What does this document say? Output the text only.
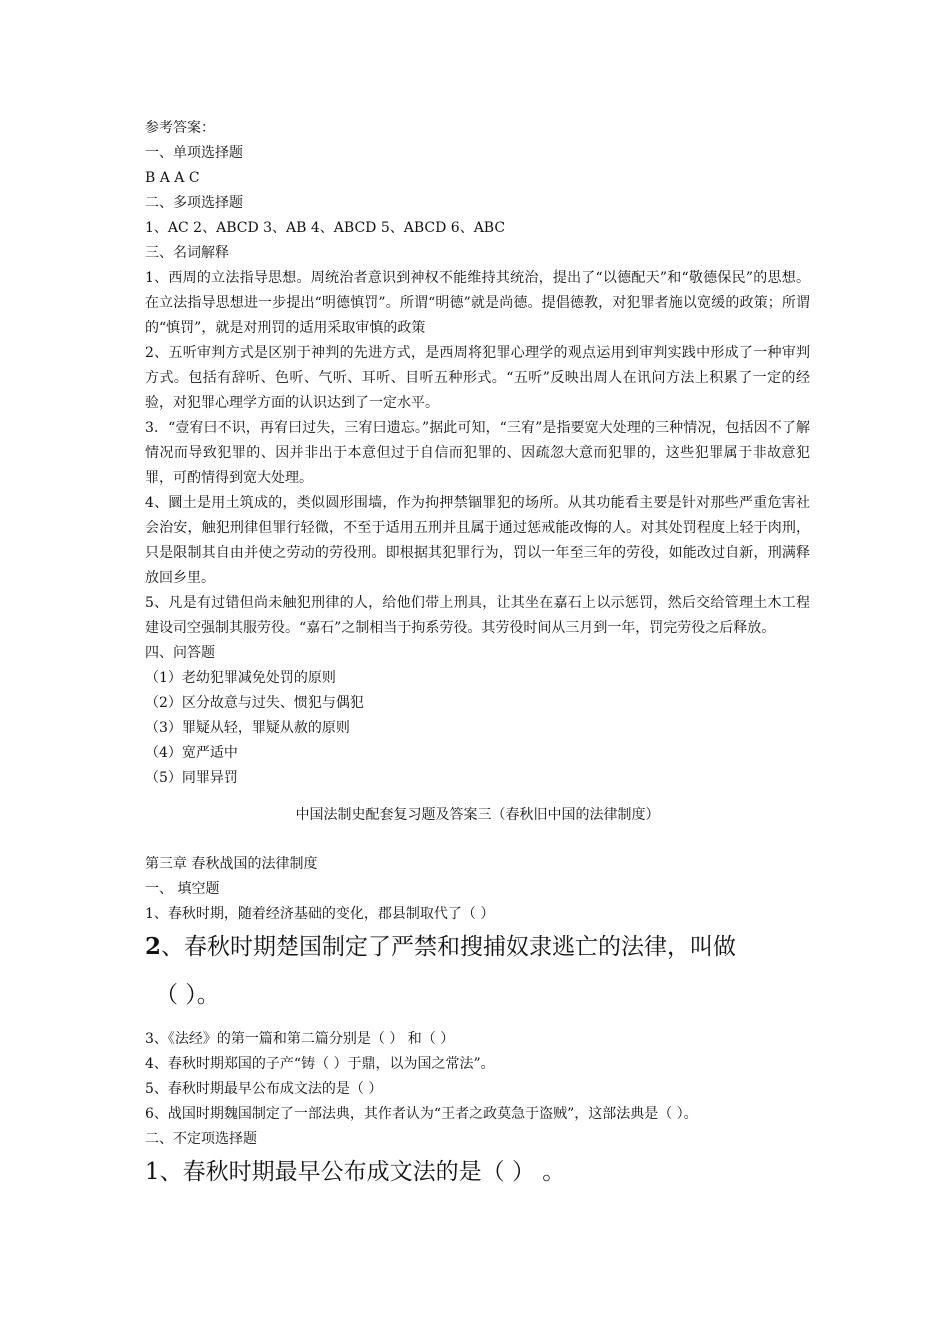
参考答案：
一、单项选择题
B A A C
二、多项选择题
1、AC 2、ABCD 3、AB 4、ABCD 5、ABCD 6、ABC
三、名词解释
1、西周的立法指导思想。周统治者意识到神权不能维持其统治，提出了“以德配天”和“敬德保民”的思想。在立法指导思想进一步提出“明德慎罚”。所谓“明德”就是尚德。提倡德教，对犯罪者施以宽缓的政策；所谓的“慎罚”，就是对刑罚的适用采取审慎的政策
2、五听审判方式是区别于神判的先进方式，是西周将犯罪心理学的观点运用到审判实践中形成了一种审判方式。包括有辞听、色听、气听、耳听、目听五种形式。“五听”反映出周人在讯问方法上积累了一定的经验，对犯罪心理学方面的认识达到了一定水平。
3．“壹宥曰不识，再宥曰过失，三宥曰遗忘。”据此可知，“三宥”是指要宽大处理的三种情况，包括因不了解情况而导致犯罪的、因并非出于本意但过于自信而犯罪的、因疏忽大意而犯罪的，这些犯罪属于非故意犯罪，可酌情得到宽大处理。
4、圜土是用土筑成的，类似圆形围墙，作为拘押禁锢罪犯的场所。从其功能看主要是针对那些严重危害社会治安，触犯刑律但罪行轻微，不至于适用五刑并且属于通过惩戒能改悔的人。对其处罚程度上轻于肉刑，只是限制其自由并使之劳动的劳役刑。即根据其犯罪行为，罚以一年至三年的劳役，如能改过自新，刑满释放回乡里。
5、凡是有过错但尚未触犯刑律的人，给他们带上刑具，让其坐在嘉石上以示惩罚，然后交给管理土木工程建设司空强制其服劳役。“嘉石”之制相当于拘系劳役。其劳役时间从三月到一年，罚完劳役之后释放。
四、问答题
（1）老幼犯罪减免处罚的原则
（2）区分故意与过失、惯犯与偶犯
（3）罪疑从轻，罪疑从赦的原则
（4）宽严适中
（5）同罪异罚
中国法制史配套复习题及答案三（春秋旧中国的法律制度）
第三章 春秋战国的法律制度
一、 填空题
1、春秋时期，随着经济基础的变化，郡县制取代了（ ）
2、春秋时期楚国制定了严禁和搜捕奴隶逃亡的法律，叫做
（ ）。
3、《法经》的第一篇和第二篇分别是（ ） 和（ ）
4、春秋时期郑国的子产“铸（ ）于鼎，以为国之常法”。
5、春秋时期最早公布成文法的是（ ）
6、战国时期魏国制定了一部法典，其作者认为“王者之政莫急于盗贼”，这部法典是（ ）。
二、不定项选择题
1、春秋时期最早公布成文法的是（ ） 。
